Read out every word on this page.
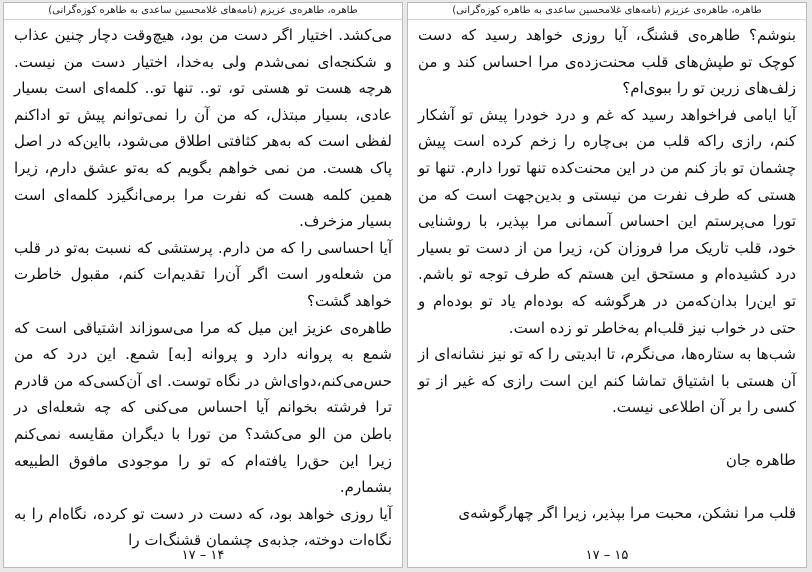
طاهره، طاهره‌ی عزیزم (نامه‌های غلامحسین ساعدی به طاهره کوزه‌گرانی)

بنوشم؟ طاهره‌ی قشنگ، آیا روزی خواهد رسید که دست کوچک تو طپش‌های قلب محنت‌زده‌ی مرا احساس کند و من زلف‌های زرین تو را ببوی‌ام؟

آیا ایامی فراخواهد رسید که غم و درد خودرا پیش تو آشکار کنم، رازی راکه قلب من بی‌چاره را زخم کرده است پیش چشمان تو باز کنم من در این محنت‌کده تنها تورا دارم. تنها تو هستی که طرف نفرت من نیستی و بدین‌جهت است که من تورا می‌پرستم این احساس آسمانی مرا بپذیر، با روشنایی خود، قلب تاریک مرا فروزان کن، زیرا من از دست تو بسیار درد کشیده‌ام و مستحق این هستم که طرف توجه تو باشم. تو این‌را بدان‌که‌من در هرگوشه که بوده‌ام یاد تو بوده‌ام و حتی در خواب نیز قلب‌ام به‌خاطر تو زده است.

شب‌ها به ستاره‌ها، می‌نگرم، تا ابدیتی را که تو نیز نشانه‌ای از آن هستی با اشتیاق تماشا کنم این است رازی که غیر از تو کسی را بر آن اطلاعی نیست.

طاهره جان

قلب مرا نشکن، محبت مرا بپذیر، زیرا اگر چهارگوشه‌ی

۱۵ – ۱۷
طاهره، طاهره‌ی عزیزم (نامه‌های غلامحسین ساعدی به طاهره کوزه‌گرانی)

می‌کشد. اختیار اگر دست من بود، هیچ‌وقت دچار چنین عذاب و شکنجه‌ای نمی‌شدم ولی به‌خدا، اختیار دست من نیست. هرچه هست تو هستی تو، تو.. تنها تو.. کلمه‌ای است بسیار عادی، بسیار مبتذل، که من آن را نمی‌توانم پیش تو اداکنم لفظی است که به‌هر کثافتی اطلاق می‌شود، بااین‌که در اصل پاک هست. من نمی خواهم بگویم که به‌تو عشق دارم، زیرا همین کلمه هست که نفرت مرا برمی‌انگیزد کلمه‌ای است بسیار مزخرف.

آیا احساسی را که من دارم. پرستشی که نسبت به‌تو در قلب من شعله‌ور است اگر آن‌را تقدیم‌ات کنم، مقبول خاطرت خواهد گشت؟

طاهره‌ی عزیز این میل که مرا می‌سوزاند اشتیاقی است که شمع به پروانه دارد و پروانه [به] شمع. این درد که من حس‌می‌کنم،دوای‌اش در نگاه توست. ای آن‌کسی‌که من قادرم ترا فرشته بخوانم آیا احساس می‌کنی که چه شعله‌ای در باطن من الو می‌کشد؟ من تورا با دیگران مقایسه نمی‌کنم زیرا این حق‌را یافته‌ام که تو را موجودی مافوق الطبیعه بشمارم.

آیا روزی خواهد بود، که دست در دست تو کرده، نگاه‌ام را به نگاه‌ات دوخته، جذبه‌ی چشمان قشنگ‌ات را

۱۴ – ۱۷
